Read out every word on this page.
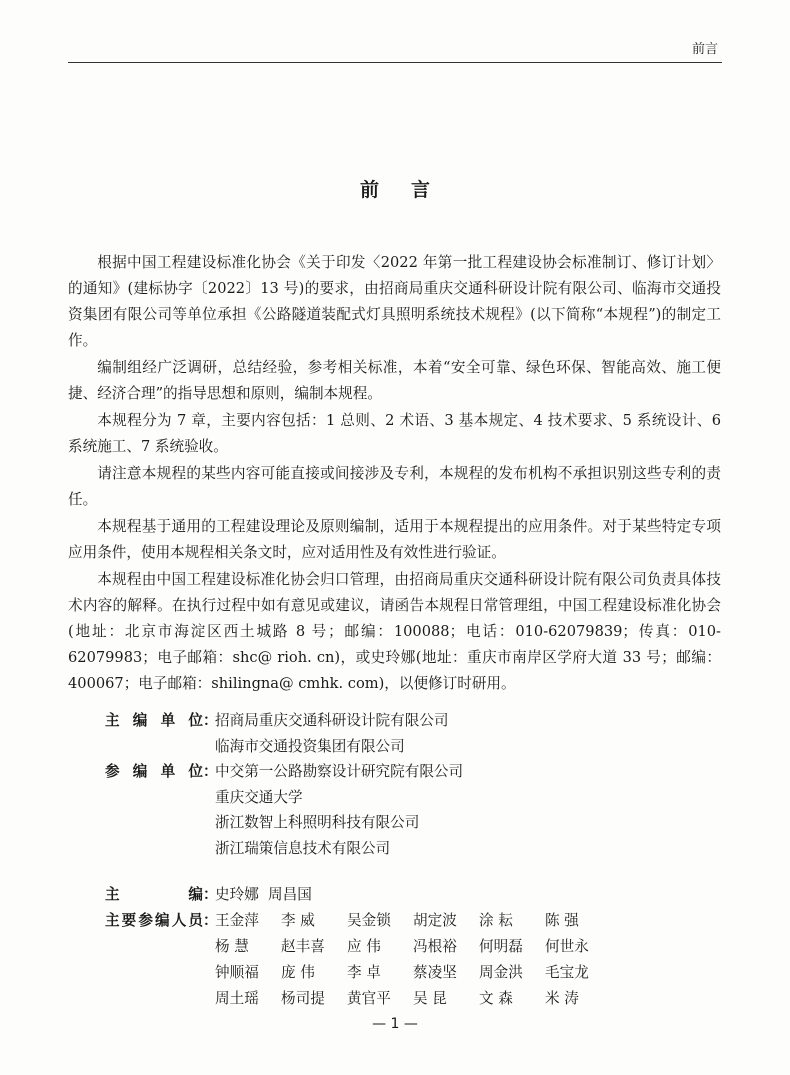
前言
前言

根据中国工程建设标准化协会《关于印发〈2022 年第一批工程建设协会标准制订、修订计划〉的通知》(建标协字〔2022〕13 号)的要求，由招商局重庆交通科研设计院有限公司、临海市交通投资集团有限公司等单位承担《公路隧道装配式灯具照明系统技术规程》(以下简称“本规程”)的制定工作。

编制组经广泛调研，总结经验，参考相关标准，本着“安全可靠、绿色环保、智能高效、施工便捷、经济合理”的指导思想和原则，编制本规程。

本规程分为 7 章，主要内容包括：1 总则、2 术语、3 基本规定、4 技术要求、5 系统设计、6 系统施工、7 系统验收。

请注意本规程的某些内容可能直接或间接涉及专利，本规程的发布机构不承担识别这些专利的责任。

本规程基于通用的工程建设理论及原则编制，适用于本规程提出的应用条件。对于某些特定专项应用条件，使用本规程相关条文时，应对适用性及有效性进行验证。

本规程由中国工程建设标准化协会归口管理，由招商局重庆交通科研设计院有限公司负责具体技术内容的解释。在执行过程中如有意见或建议，请函告本规程日常管理组，中国工程建设标准化协会(地址：北京市海淀区西土城路 8 号；邮编：100088；电话：010-62079839；传真：010-62079983；电子邮箱：shc@ rioh. cn)，或史玲娜(地址：重庆市南岸区学府大道 33 号；邮编：400067；电子邮箱：shilingna@ cmhk. com)，以便修订时研用。

主编单位：
招商局重庆交通科研设计院有限公司
临海市交通投资集团有限公司
参编单位：
中交第一公路勘察设计研究院有限公司
重庆交通大学
浙江数智上科照明科技有限公司
浙江瑞策信息技术有限公司
主编：
史玲娜  周昌国
主要参编人员：
王金萍	李 威	吴金锁	胡定波	涂 耘	陈 强
杨 慧	赵丰喜	应 伟	冯根裕	何明磊	何世永
钟顺福	庞 伟	李 卓	蔡凌坚	周金洪	毛宝龙
周土瑶	杨司提	黄官平	吴 昆	文 森	米 涛
— 1 —
